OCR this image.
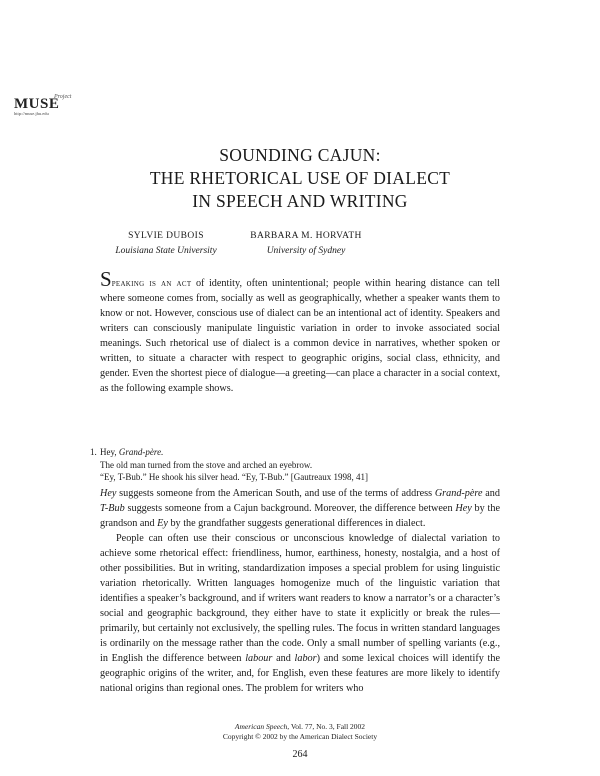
Project
MUSE
http://muse.jhu.edu
SOUNDING CAJUN:
THE RHETORICAL USE OF DIALECT
IN SPEECH AND WRITING
SYLVIE DUBOIS
Louisiana State University
BARBARA M. HORVATH
University of Sydney

Speaking is an act of identity, often unintentional; people within hearing distance can tell where someone comes from, socially as well as geographically, whether a speaker wants them to know or not. However, conscious use of dialect can be an intentional act of identity. Speakers and writers can consciously manipulate linguistic variation in order to invoke associated social meanings. Such rhetorical use of dialect is a common device in narratives, whether spoken or written, to situate a character with respect to geographic origins, social class, ethnicity, and gender. Even the shortest piece of dialogue—a greeting—can place a character in a social context, as the following example shows.

1. Hey, Grand-père.
The old man turned from the stove and arched an eyebrow.
“Ey, T-Bub.” He shook his silver head. “Ey, T-Bub.” [Gautreaux 1998, 41]

Hey suggests someone from the American South, and use of the terms of address Grand-père and T-Bub suggests someone from a Cajun background. Moreover, the difference between Hey by the grandson and Ey by the grandfather suggests generational differences in dialect.

People can often use their conscious or unconscious knowledge of dialectal variation to achieve some rhetorical effect: friendliness, humor, earthiness, honesty, nostalgia, and a host of other possibilities. But in writing, standardization imposes a special problem for using linguistic variation rhetorically. Written languages homogenize much of the linguistic variation that identifies a speaker’s background, and if writers want readers to know a narrator’s or a character’s social and geographic background, they either have to state it explicitly or break the rules—primarily, but certainly not exclusively, the spelling rules. The focus in written standard languages is ordinarily on the message rather than the code. Only a small number of spelling variants (e.g., in English the difference between labour and labor) and some lexical choices will identify the geographic origins of the writer, and, for English, even these features are more likely to identify national origins than regional ones. The problem for writers who

American Speech, Vol. 77, No. 3, Fall 2002
Copyright © 2002 by the American Dialect Society
264
